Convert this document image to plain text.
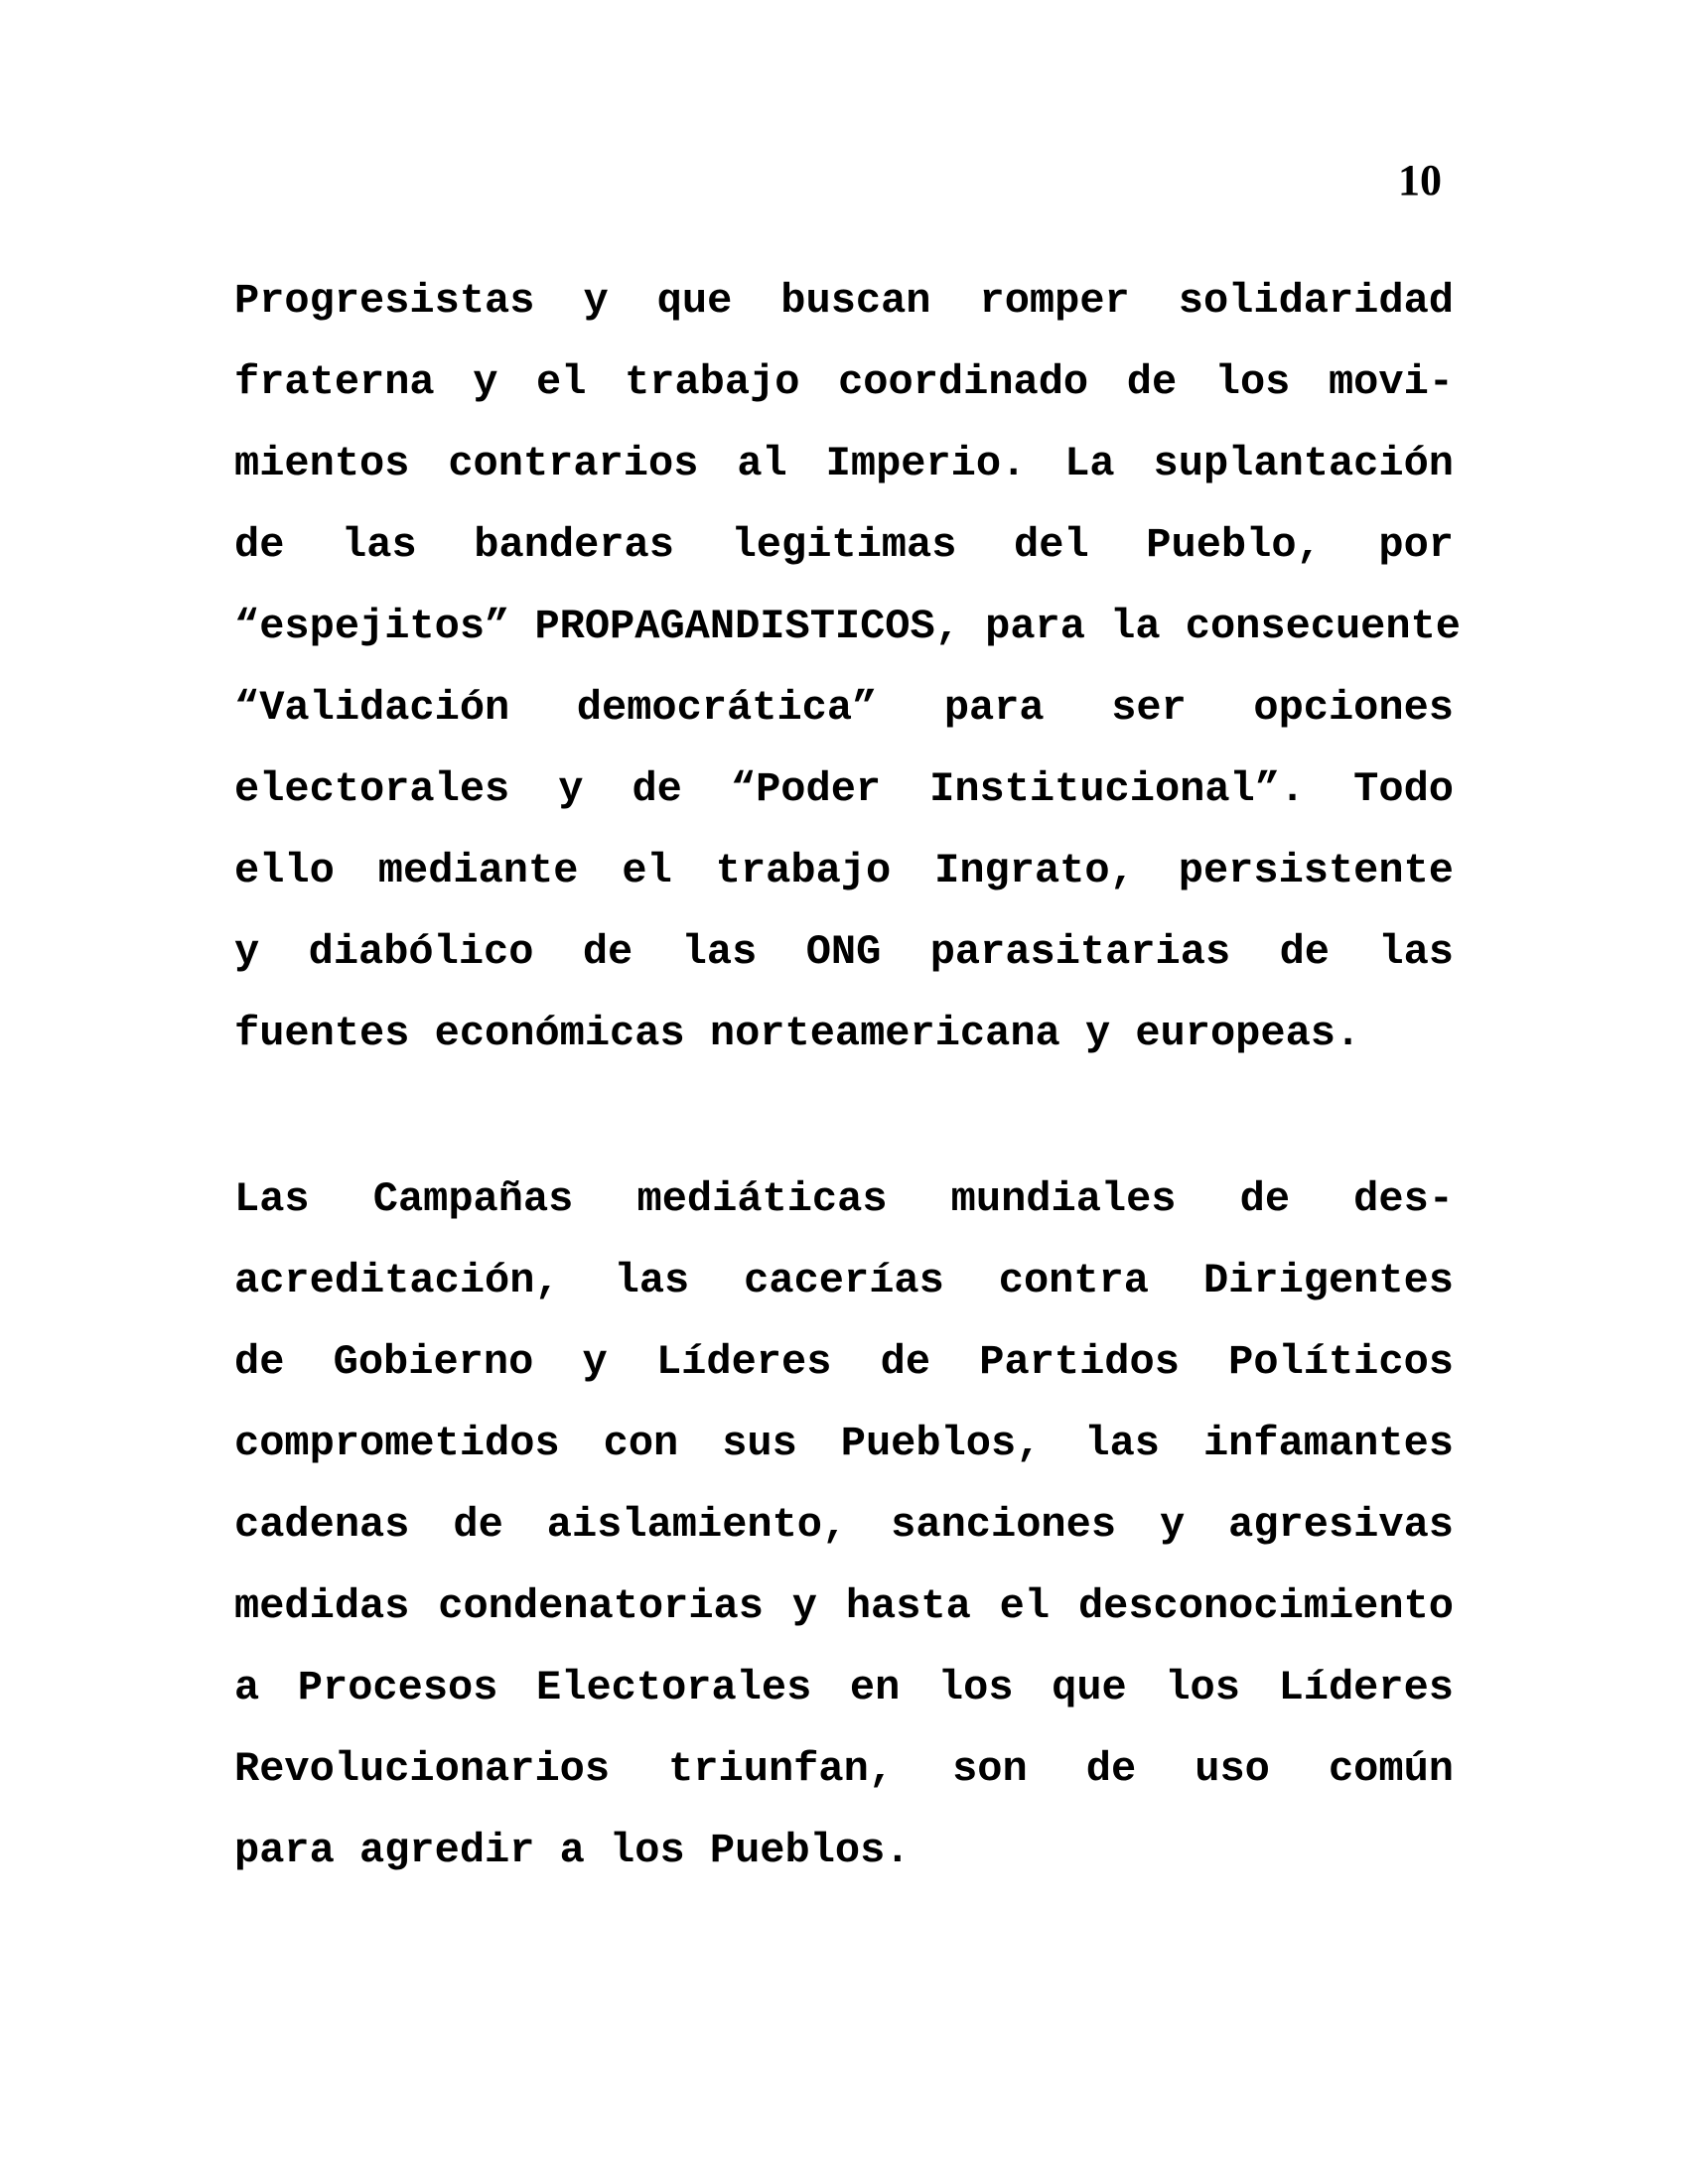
10
Progresistas y que buscan romper solidaridad
fraterna y el trabajo coordinado de los movi-
mientos contrarios al Imperio. La suplantación
de las banderas legitimas del Pueblo, por
“espejitos” PROPAGANDISTICOS, para la consecuente
“Validación democrática” para ser opciones
electorales y de “Poder Institucional”. Todo
ello mediante el trabajo Ingrato, persistente
y diabólico de las ONG parasitarias de las
fuentes económicas norteamericana y europeas.
Las Campañas mediáticas mundiales de des-
acreditación, las cacerías contra Dirigentes
de Gobierno y Líderes de Partidos Políticos
comprometidos con sus Pueblos, las infamantes
cadenas de aislamiento, sanciones y agresivas
medidas condenatorias y hasta el desconocimiento
a Procesos Electorales en los que los Líderes
Revolucionarios triunfan, son de uso común
para agredir a los Pueblos.
